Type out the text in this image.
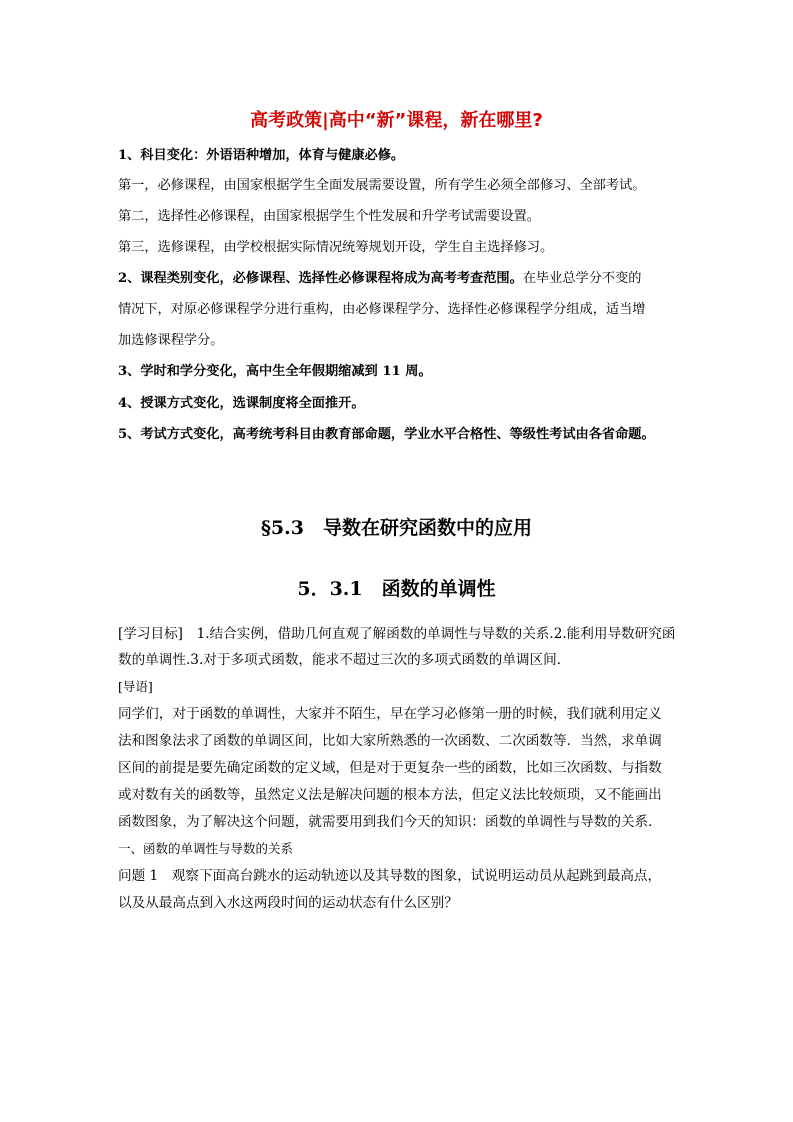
高考政策|高中“新”课程，新在哪里?

1、科目变化：外语语种增加，体育与健康必修。

第一，必修课程，由国家根据学生全面发展需要设置，所有学生必须全部修习、全部考试。

第二，选择性必修课程，由国家根据学生个性发展和升学考试需要设置。

第三，选修课程，由学校根据实际情况统筹规划开设，学生自主选择修习。

2、课程类别变化，必修课程、选择性必修课程将成为高考考查范围。在毕业总学分不变的

情况下，对原必修课程学分进行重构，由必修课程学分、选择性必修课程学分组成，适当增

加选修课程学分。

3、学时和学分变化，高中生全年假期缩减到 11 周。

4、授课方式变化，选课制度将全面推开。

5、考试方式变化，高考统考科目由教育部命题，学业水平合格性、等级性考试由各省命题。

§5.3　导数在研究函数中的应用
5．3.1　函数的单调性

[学习目标]　1.结合实例，借助几何直观了解函数的单调性与导数的关系.2.能利用导数研究函

数的单调性.3.对于多项式函数，能求不超过三次的多项式函数的单调区间．

[导语]

同学们，对于函数的单调性，大家并不陌生，早在学习必修第一册的时候，我们就利用定义

法和图象法求了函数的单调区间，比如大家所熟悉的一次函数、二次函数等．当然，求单调

区间的前提是要先确定函数的定义域，但是对于更复杂一些的函数，比如三次函数、与指数

或对数有关的函数等，虽然定义法是解决问题的根本方法，但定义法比较烦琐，又不能画出

函数图象，为了解决这个问题，就需要用到我们今天的知识：函数的单调性与导数的关系．

一、函数的单调性与导数的关系

问题 1　观察下面高台跳水的运动轨迹以及其导数的图象，试说明运动员从起跳到最高点，

以及从最高点到入水这两段时间的运动状态有什么区别？
